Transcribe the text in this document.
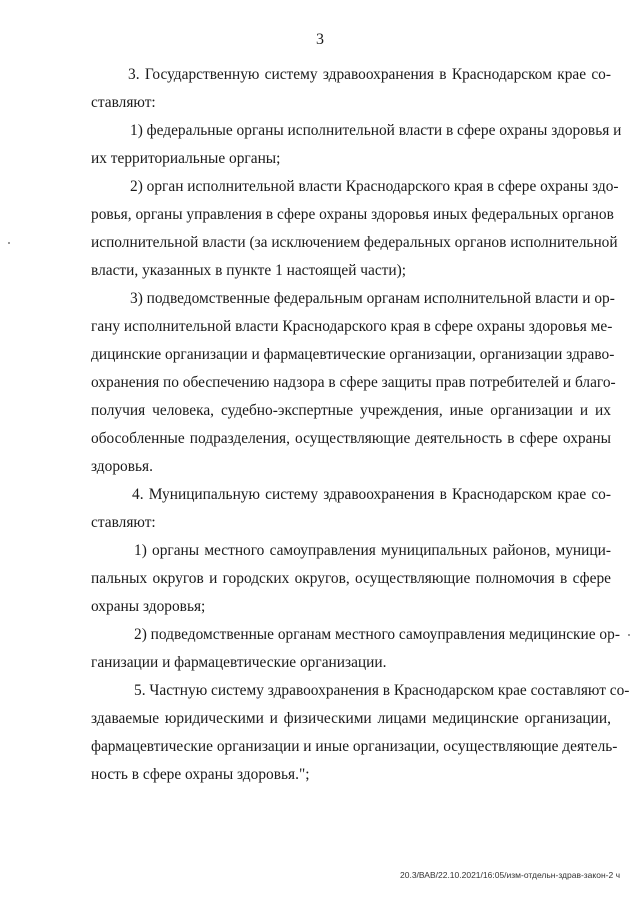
3
3. Государственную систему здравоохранения в Краснодарском крае со-
ставляют:
1) федеральные органы исполнительной власти в сфере охраны здоровья и
их территориальные органы;
2) орган исполнительной власти Краснодарского края в сфере охраны здо-
ровья, органы управления в сфере охраны здоровья иных федеральных органов
исполнительной власти (за исключением федеральных органов исполнительной
власти, указанных в пункте 1 настоящей части);
3) подведомственные федеральным органам исполнительной власти и ор-
гану исполнительной власти Краснодарского края в сфере охраны здоровья ме-
дицинские организации и фармацевтические организации, организации здраво-
охранения по обеспечению надзора в сфере защиты прав потребителей и благо-
получия человека, судебно-экспертные учреждения, иные организации и их
обособленные подразделения, осуществляющие деятельность в сфере охраны
здоровья.
4. Муниципальную систему здравоохранения в Краснодарском крае со-
ставляют:
1) органы местного самоуправления муниципальных районов, муници-
пальных округов и городских округов, осуществляющие полномочия в сфере
охраны здоровья;
2) подведомственные органам местного самоуправления медицинские ор-
ганизации и фармацевтические организации.
5. Частную систему здравоохранения в Краснодарском крае составляют со-
здаваемые юридическими и физическими лицами медицинские организации,
фармацевтические организации и иные организации, осуществляющие деятель-
ность в сфере охраны здоровья.";
20.3/ВАВ/22.10.2021/16:05/изм-отдельн-здрав-закон-2 ч
